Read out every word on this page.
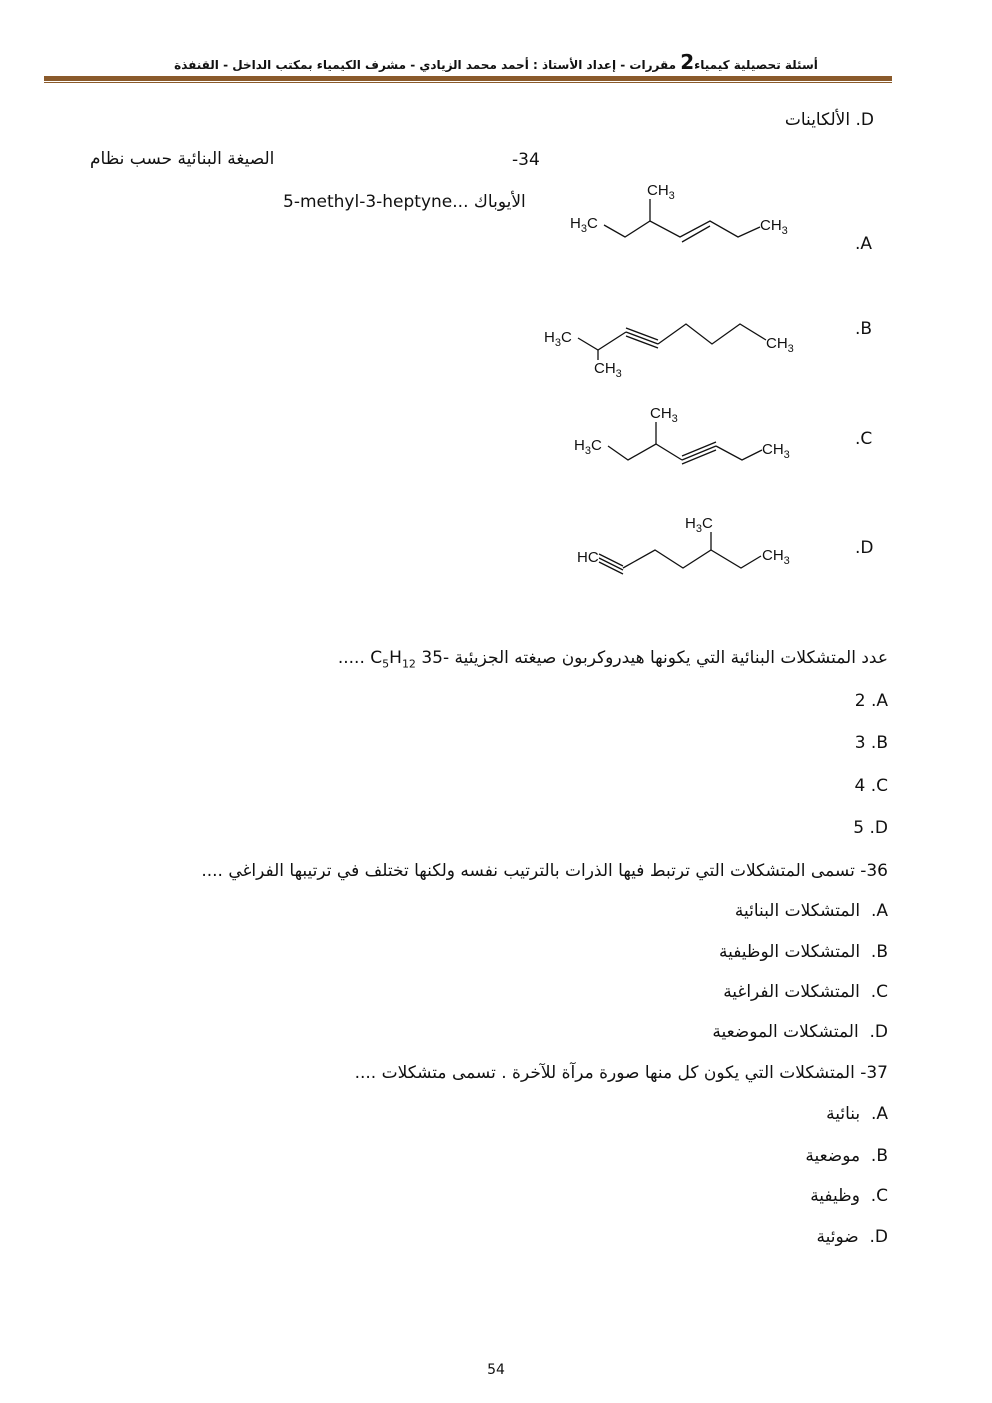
أسئلة تحصيلية كيمياء2 مقررات - إعداد الأستاذ : أحمد محمد الزيادي - مشرف الكيمياء بمكتب الداخل - القنفذة
الألكاينات .D
-34
الصيغة البنائية حسب نظام
5-methyl-3-heptyne... الأيوباك
.A
.B
.C
.D
$H_3C$
$CH_3$
$CH_3$
$H_3C$
$CH_3$
$CH_3$
$H_3C$
$CH_3$
$CH_3$
HC
$H_3C$
$CH_3$
..... $C_5H_{12}$ 35- عدد المتشكلات البنائية التي يكونها هيدروكربون صيغته الجزيئية
2 .A
3 .B
4 .C
5 .D
36- تسمى المتشكلات التي ترتبط فيها الذرات بالترتيب نفسه ولكنها تختلف في ترتيبها الفراغي ....
المتشكلات البنائية .A
المتشكلات الوظيفية .B
المتشكلات الفراغية .C
المتشكلات الموضعية .D
37- المتشكلات التي يكون كل منها صورة مرآة للآخرة . تسمى متشكلات ....
بنائية .A
موضعية .B
وظيفية .C
ضوئية .D
54
